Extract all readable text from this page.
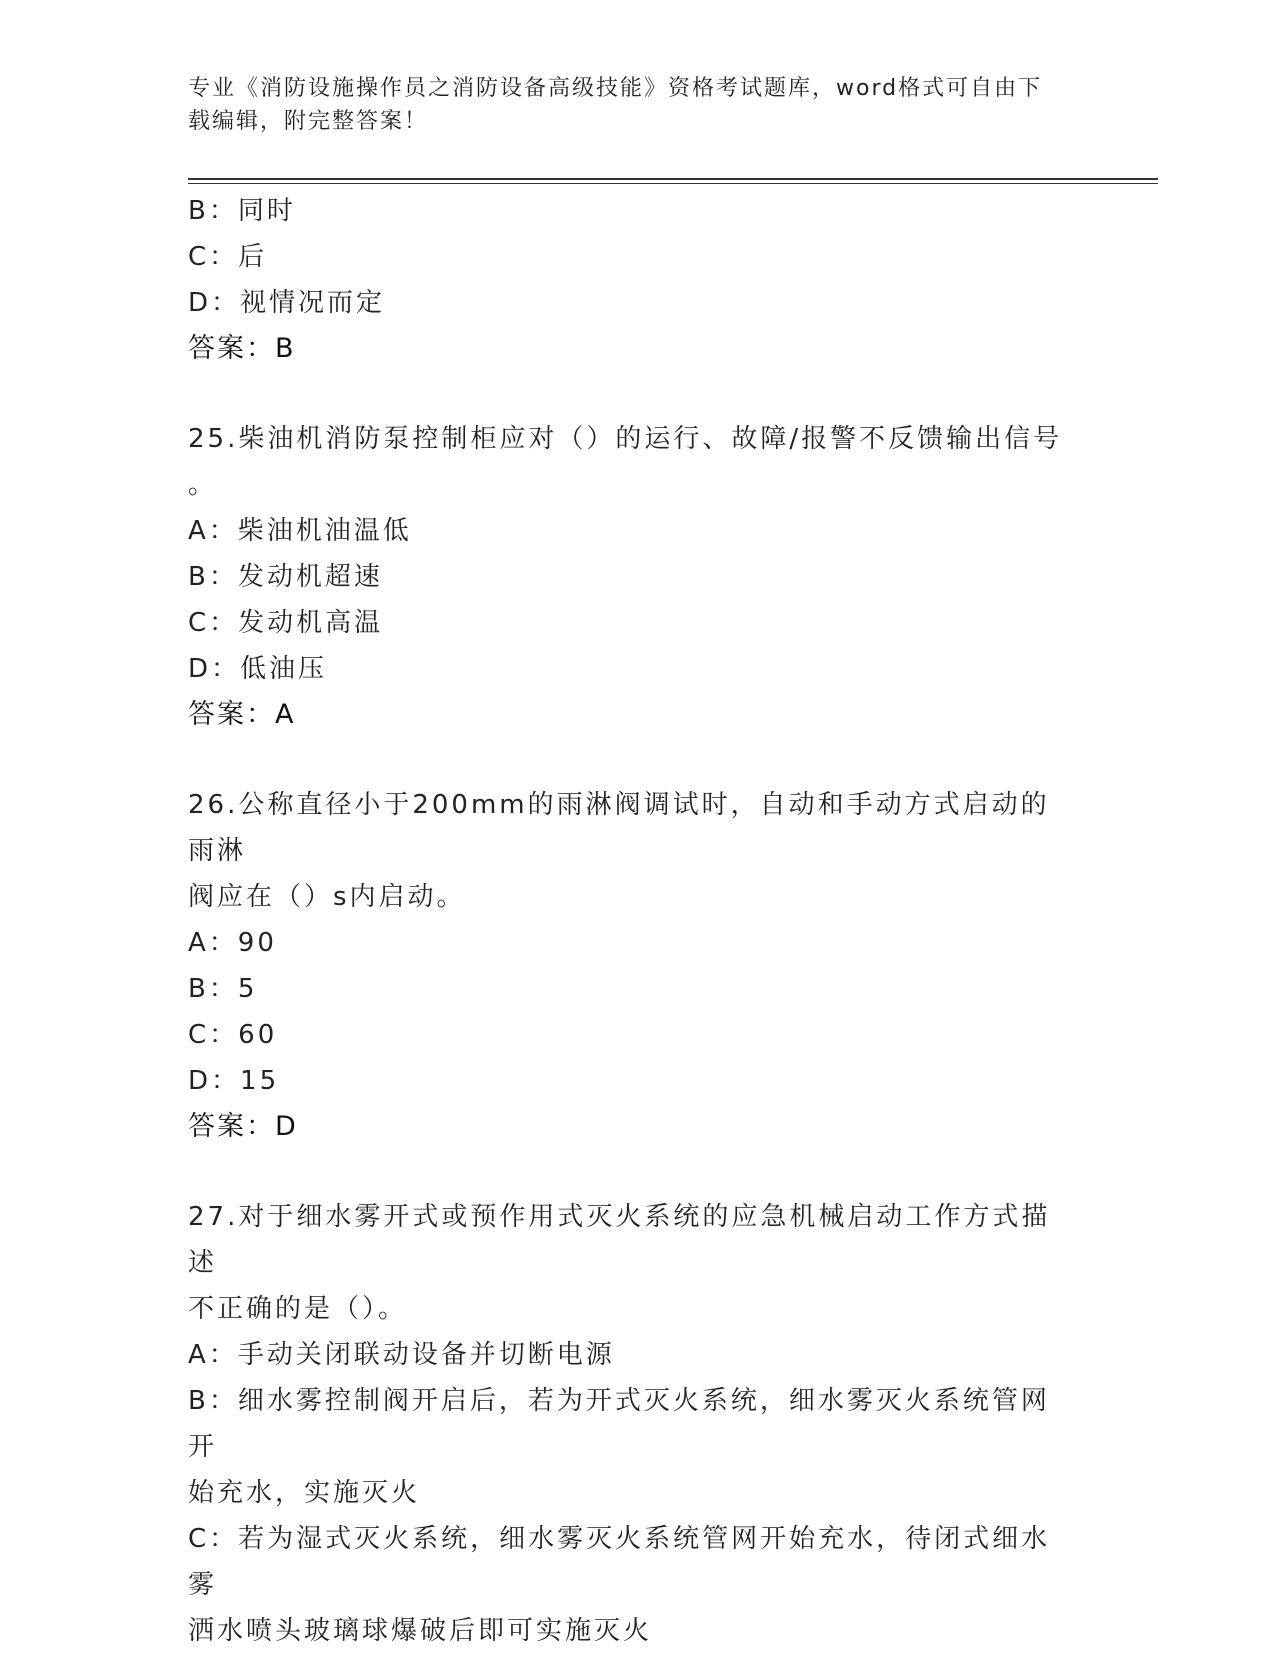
专业《消防设施操作员之消防设备高级技能》资格考试题库，word格式可自由下
载编辑，附完整答案！
B：同时
C：后
D：视情况而定
答案：B
25.柴油机消防泵控制柜应对（）的运行、故障/报警不反馈输出信号
。
A：柴油机油温低
B：发动机超速
C：发动机高温
D：低油压
答案：A
26.公称直径小于200mm的雨淋阀调试时，自动和手动方式启动的雨淋
阀应在（）s内启动。
A：90
B：5
C：60
D：15
答案：D
27.对于细水雾开式或预作用式灭火系统的应急机械启动工作方式描述
不正确的是（）。
A：手动关闭联动设备并切断电源
B：细水雾控制阀开启后，若为开式灭火系统，细水雾灭火系统管网开
始充水，实施灭火
C：若为湿式灭火系统，细水雾灭火系统管网开始充水，待闭式细水雾
洒水喷头玻璃球爆破后即可实施灭火
